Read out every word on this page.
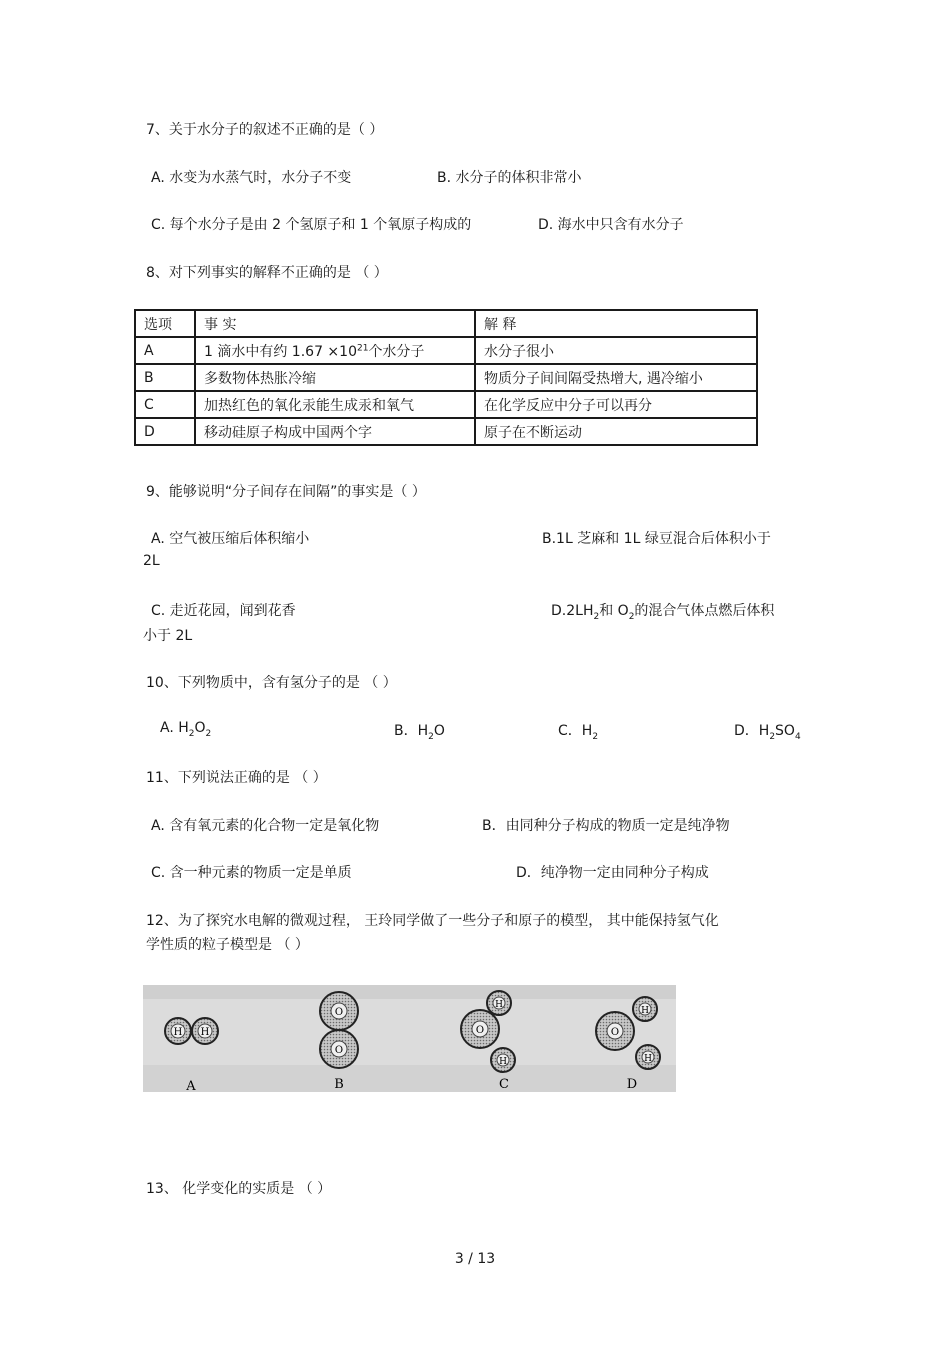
7、关于水分子的叙述不正确的是（ ）
A. 水变为水蒸气时，水分子不变	B. 水分子的体积非常小
C. 每个水分子是由 2 个氢原子和 1 个氧原子构成的	D. 海水中只含有水分子
8、对下列事实的解释不正确的是 （ ）
选项	事 实	解 释
A	1 滴水中有约 $1.67 \times 10^{21}$个水分子	水分子很小
B	多数物体热胀冷缩	物质分子间间隔受热增大, 遇冷缩小
C	加热红色的氧化汞能生成汞和氧气	在化学反应中分子可以再分
D	移动硅原子构成中国两个字	原子在不断运动
9、能够说明“分子间存在间隔”的事实是（ ）
A. 空气被压缩后体积缩小	B.1L 芝麻和 1L 绿豆混合后体积小于
2L
C. 走近花园，闻到花香	$D.2LH_2$和 $O_2$的混合气体点燃后体积
小于 2L
10、下列物质中，含有氢分子的是 （ ）
A. $H_2O_2$	B．$H_2O$	C．$H_2$	D．$H_2SO_4$
11、下列说法正确的是 （ ）
A. 含有氧元素的化合物一定是氧化物	B．由同种分子构成的物质一定是纯净物
C. 含一种元素的物质一定是单质	D．纯净物一定由同种分子构成
12、为了探究水电解的微观过程， 王玲同学做了一些分子和原子的模型， 其中能保持氢气化
学性质的粒子模型是 （ ）
H H
A
O
O
B
O
H
H
C
O
H
H
D
13、 化学变化的实质是 （ ）
3 / 13
